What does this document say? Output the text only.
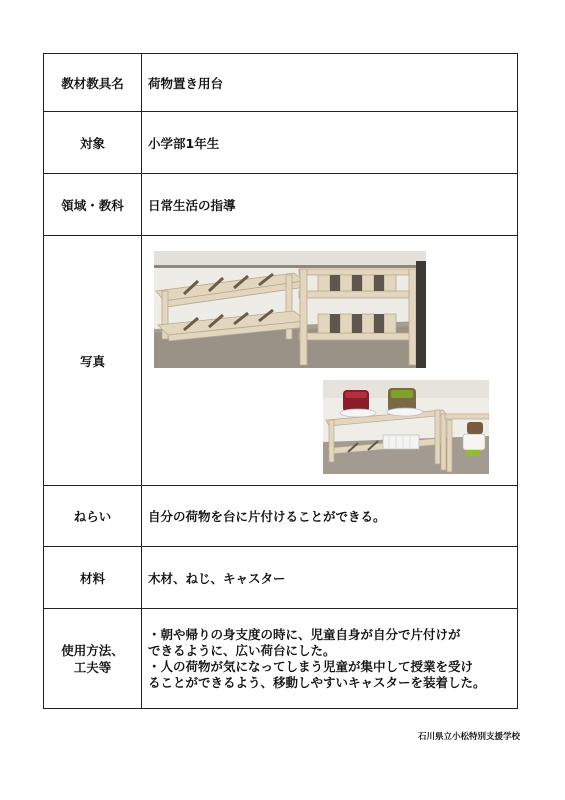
教材教具名	荷物置き用台
対象	小学部1年生
領域・教科	日常生活の指導
写真	

ねらい	自分の荷物を台に片付けることができる。
材料	木材、ねじ、キャスター

使用方法、
工夫等	・朝や帰りの身支度の時に、児童自身が自分で片付けが
できるように、広い荷台にした。
・人の荷物が気になってしまう児童が集中して授業を受け
ることができるよう、移動しやすいキャスターを装着した。
石川県立小松特別支援学校
